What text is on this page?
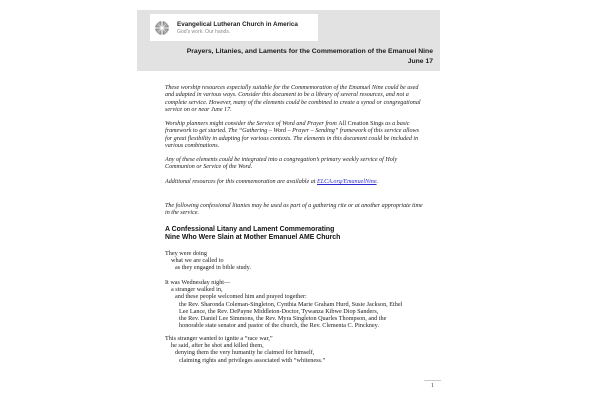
Evangelical Lutheran Church in America
God's work. Our hands.
Prayers, Litanies, and Laments for the Commemoration of the Emanuel Nine
June 17
These worship resources especially suitable for the Commemoration of the Emanuel Nine could be used
and adapted in various ways. Consider this document to be a library of several resources, and not a
complete service. However, many of the elements could be combined to create a synod or congregational
service on or near June 17.
Worship planners might consider the Service of Word and Prayer from All Creation Sings as a basic
framework to get started. The “Gathering – Word – Prayer – Sending” framework of this service allows
for great flexibility in adapting for various contexts. The elements in this document could be included in
various combinations.
Any of these elements could be integrated into a congregation’s primary weekly service of Holy
Communion or Service of the Word.
Additional resources for this commemoration are available at ELCA.org/EmanuelNine.
The following confessional litanies may be used as part of a gathering rite or at another appropriate time
in the service.
A Confessional Litany and Lament Commemorating
Nine Who Were Slain at Mother Emanuel AME Church
They were doing
what we are called to
as they engaged in bible study.
It was Wednesday night—
a stranger walked in,
and these people welcomed him and prayed together:
the Rev. Sharonda Coleman-Singleton, Cynthia Marie Graham Hurd, Susie Jackson, Ethel
Lee Lance, the Rev. DePayne Middleton-Doctor, Tywanza Kibwe Diop Sanders,
the Rev. Daniel Lee Simmons, the Rev. Myra Singleton Quarles Thompson, and the
honorable state senator and pastor of the church, the Rev. Clementa C. Pinckney.
This stranger wanted to ignite a “race war,”
he said, after he shot and killed them,
denying them the very humanity he claimed for himself,
claiming rights and privileges associated with “whiteness.”
1
